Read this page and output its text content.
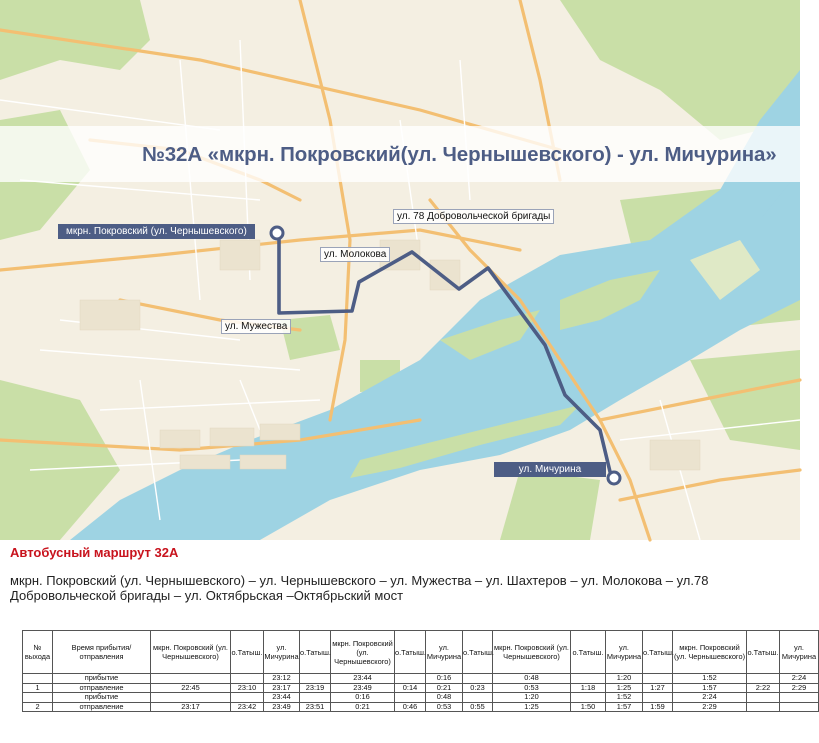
№32А «мкрн. Покровский(ул. Чернышевского) - ул. Мичурина»
мкрн. Покровский (ул. Чернышевского)
ул. Мичурина
ул. Молокова
ул. 78 Добровольческой бригады
ул. Мужества
Автобусный маршрут 32А
мкрн. Покровский (ул. Чернышевского) – ул. Чернышевского – ул. Мужества – ул. Шахтеров – ул. Молокова – ул.78 Добровольческой бригады – ул. Октябрьская –Октябрьский мост
№ выхода	Время прибытия/отправления	мкрн. Покровский (ул. Чернышевского)	о.Татыш.	ул. Мичурина	о.Татыш.	мкрн. Покровский (ул. Чернышевского)	о.Татыш.	ул. Мичурина	о.Татыш.	мкрн. Покровский (ул. Чернышевского)	о.Татыш.	ул. Мичурина	о.Татыш.	мкрн. Покровский (ул. Чернышевского)	о.Татыш.	ул. Мичурина
	прибытие			23:12		23:44		0:16		0:48		1:20		1:52		2:24
1	отправление	22:45	23:10	23:17	23:19	23:49	0:14	0:21	0:23	0:53	1:18	1:25	1:27	1:57	2:22	2:29
	прибытие			23:44		0:16		0:48		1:20		1:52		2:24		
2	отправление	23:17	23:42	23:49	23:51	0:21	0:46	0:53	0:55	1:25	1:50	1:57	1:59	2:29		
